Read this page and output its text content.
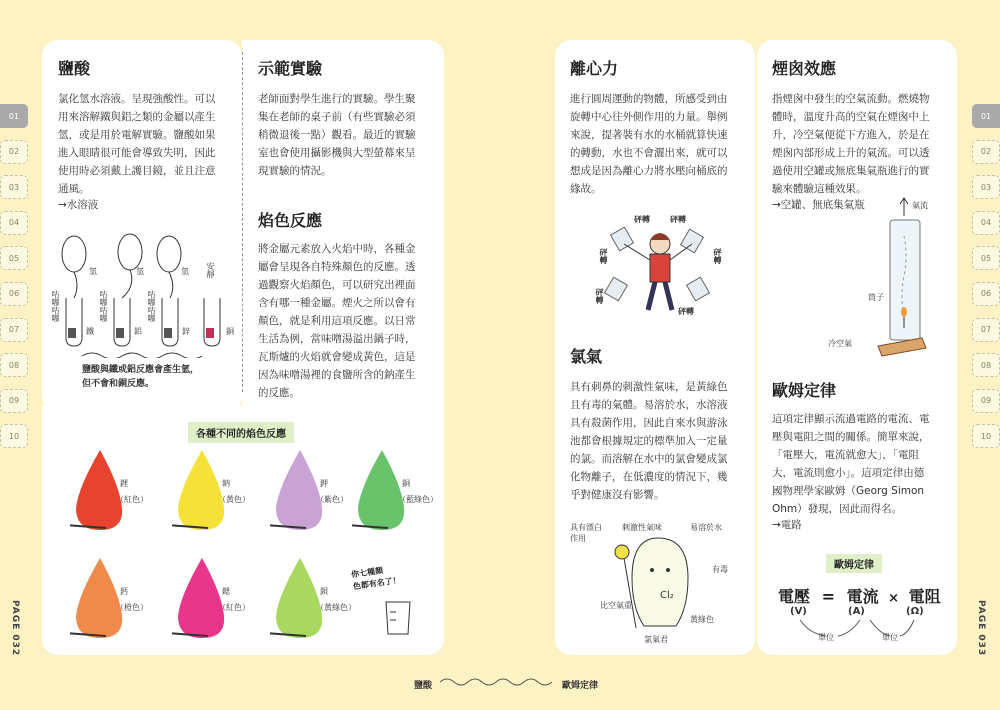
01
02
03
04
05
06
07
08
09
10
01
02
03
04
05
06
07
08
09
10
PAGE 032	PAGE 033
鹽酸
氯化氫水溶液。呈現強酸性。可以
用來溶解鐵與鋁之類的金屬以產生
氫，或是用於電解實驗。鹽酸如果
進入眼睛很可能會導致失明，因此
使用時必須戴上護目鏡，並且注意
通風。
→水溶液
氫	氫	氫 安靜
咕嘟咕嘟	咕嘟咕嘟	咕嘟咕嘟
鐵	鋁	鋅	銅
鹽酸與鐵或鋁反應會產生氫，
但不會和銅反應。
示範實驗
老師面對學生進行的實驗。學生聚
集在老師的桌子前（有些實驗必須
稍微退後一點）觀看。最近的實驗
室也會使用攝影機與大型螢幕來呈
現實驗的情況。
焰色反應
將金屬元素放入火焰中時，各種金
屬會呈現各自特殊顏色的反應。透
過觀察火焰顏色，可以研究出裡面
含有哪一種金屬。煙火之所以會有
顏色，就是利用這項反應。以日常
生活為例，當味噌湯溢出鍋子時，
瓦斯爐的火焰就會變成黃色，這是
因為味噌湯裡的食鹽所含的鈉產生
的反應。
各種不同的焰色反應
鋰
（紅色）
鈉
（黃色）
鉀
（紫色）
銅
（藍綠色）
鈣
（橙色）
鍶
（紅色）
鋇
（黃綠色）
你七種顏
色都有名了！
離心力
進行圓周運動的物體，所感受到由
旋轉中心往外側作用的力量。舉例
來說，提著裝有水的水桶就算快速
的轉動，水也不會灑出來，就可以
想成是因為離心力將水壓向桶底的
緣故。
砰轉	砰轉
砰轉	砰轉
砰轉
砰轉
氯氣
具有刺鼻的刺激性氣味，是黃綠色
且有毒的氣體。易溶於水，水溶液
具有殺菌作用，因此自來水與游泳
池都會根據規定的標準加入一定量
的氯。而溶解在水中的氯會變成氯
化物離子，在低濃度的情況下，幾
乎對健康沒有影響。
Cl₂
具有漂白作用
刺激性氣味	易溶於水
有毒
比空氣重
黃綠色
氯氣君
煙囪效應
指煙囪中發生的空氣流動。燃燒物
體時，溫度升高的空氣在煙囪中上
升，冷空氣便從下方進入，於是在
煙囪內部形成上升的氣流。可以透
過使用空罐或無底集氣瓶進行的實
驗來體驗這種效果。
→空罐、無底集氣瓶	氣流
筒子
冷空氣
歐姆定律
這項定律顯示流過電路的電流、電
壓與電阻之間的關係。簡單來說，
「電壓大，電流就愈大」，「電阻
大，電流則愈小」。這項定律由德
國物理學家歐姆（Georg Simon
Ohm）發現，因此而得名。
→電路
歐姆定律
電壓 = 電流 × 電阻
(V)	(A)	(Ω)
單位	單位
鹽酸	歐姆定律
